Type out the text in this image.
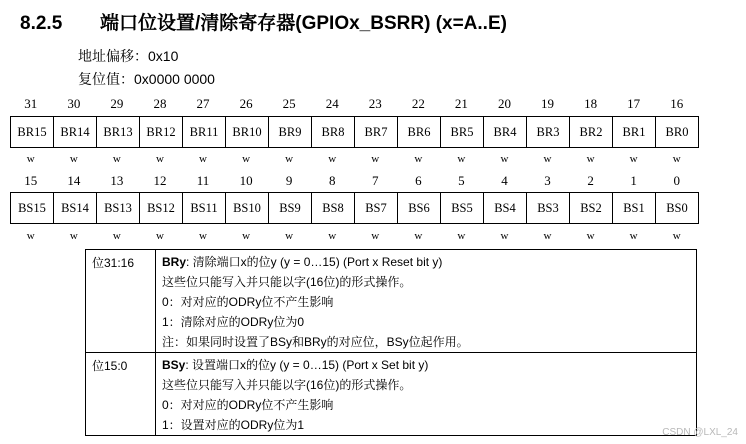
8.2.5 端口位设置/清除寄存器(GPIOx_BSRR) (x=A..E)
地址偏移：0x10
复位值：0x0000 0000
31	30	29	28	27	26	25	24	23	22	21	20	19	18	17	16
BR15	BR14	BR13	BR12	BR11	BR10	BR9	BR8	BR7	BR6	BR5	BR4	BR3	BR2	BR1	BR0
w	w	w	w	w	w	w	w	w	w	w	w	w	w	w	w
15	14	13	12	11	10	9	8	7	6	5	4	3	2	1	0
BS15	BS14	BS13	BS12	BS11	BS10	BS9	BS8	BS7	BS6	BS5	BS4	BS3	BS2	BS1	BS0
w	w	w	w	w	w	w	w	w	w	w	w	w	w	w	w
位31:16	BRy: 清除端口x的位y (y = 0…15) (Port x Reset bit y)
这些位只能写入并只能以字(16位)的形式操作。
0：对对应的ODRy位不产生影响
1：清除对应的ODRy位为0
注：如果同时设置了BSy和BRy的对应位，BSy位起作用。

位15:0	BSy: 设置端口x的位y (y = 0…15) (Port x Set bit y)
这些位只能写入并只能以字(16位)的形式操作。
0：对对应的ODRy位不产生影响
1：设置对应的ODRy位为1
CSDN @LXL_24
